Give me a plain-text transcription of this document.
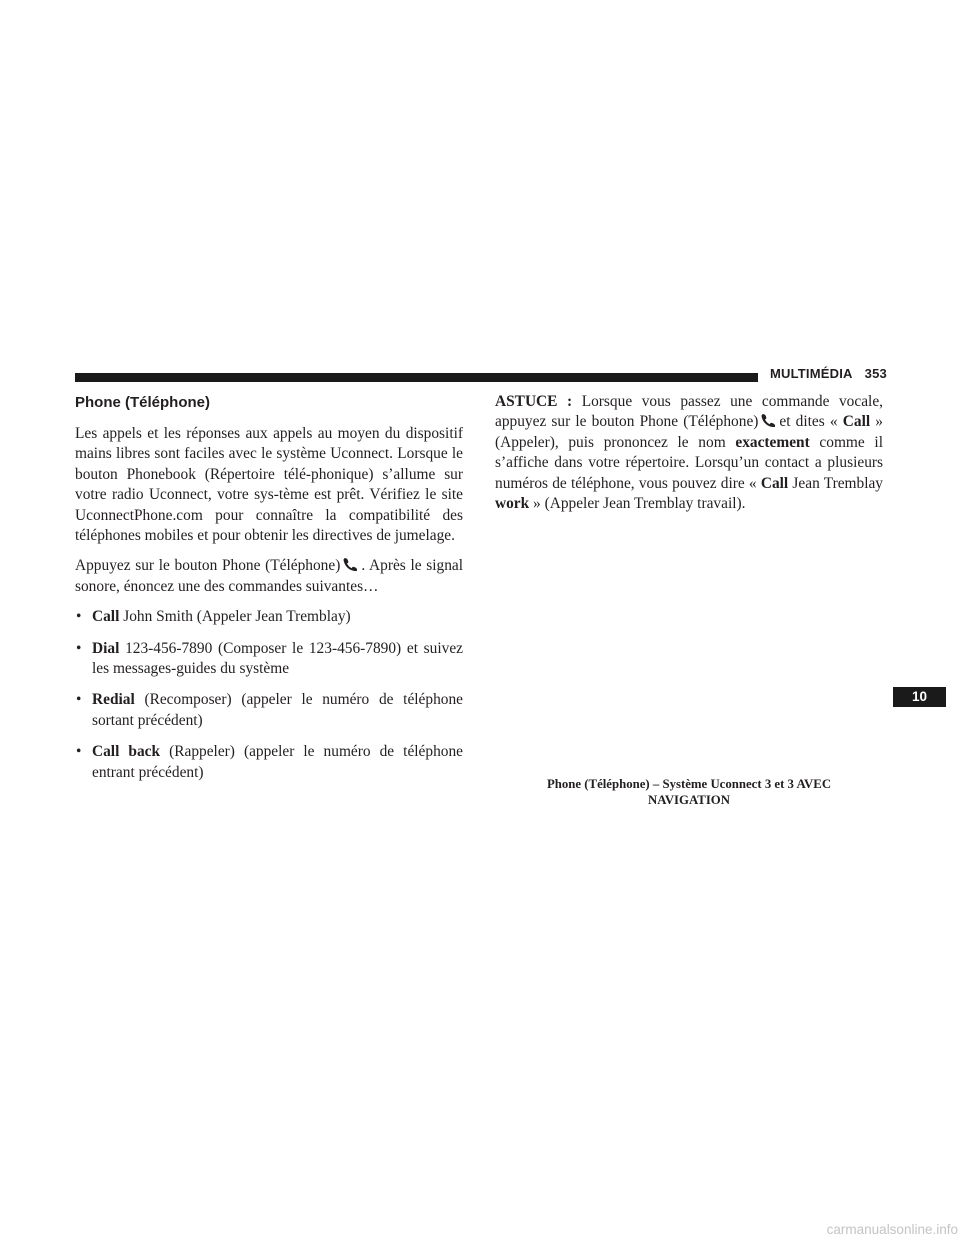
MULTIMÉDIA 353
Phone (Téléphone)

Les appels et les réponses aux appels au moyen du dispositif mains libres sont faciles avec le système Uconnect. Lorsque le bouton Phonebook (Répertoire télé-phonique) s’allume sur votre radio Uconnect, votre sys-tème est prêt. Vérifiez le site UconnectPhone.com pour connaître la compatibilité des téléphones mobiles et pour obtenir les directives de jumelage.

Appuyez sur le bouton Phone (Téléphone) . Après le signal sonore, énoncez une des commandes suivantes…

• Call John Smith (Appeler Jean Tremblay)
• Dial 123-456-7890 (Composer le 123-456-7890) et suivez les messages-guides du système
• Redial (Recomposer) (appeler le numéro de téléphone sortant précédent)
• Call back (Rappeler) (appeler le numéro de téléphone entrant précédent)

ASTUCE : Lorsque vous passez une commande vocale, appuyez sur le bouton Phone (Téléphone) et dites « Call » (Appeler), puis prononcez le nom exactement comme il s’affiche dans votre répertoire. Lorsqu’un contact a plusieurs numéros de téléphone, vous pouvez dire « Call Jean Tremblay work » (Appeler Jean Tremblay travail).

Phone (Téléphone) – Système Uconnect 3 et 3 AVEC
NAVIGATION
10
carmanualsonline.info
